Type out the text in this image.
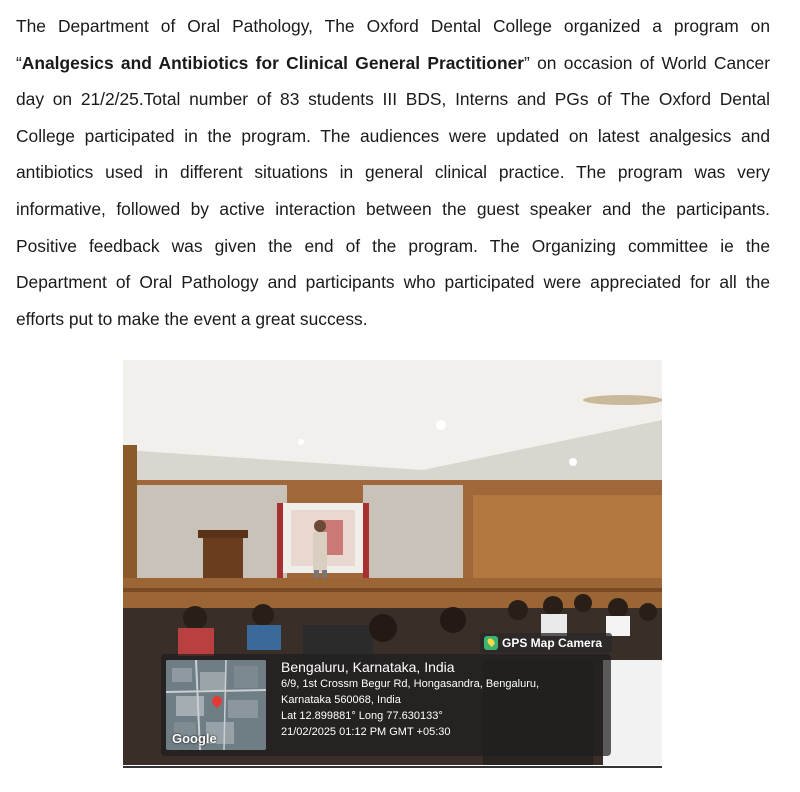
The Department of Oral Pathology, The Oxford Dental College organized a program on “Analgesics and Antibiotics for Clinical General Practitioner” on occasion of World Cancer day on 21/2/25.Total number of 83 students III BDS, Interns and PGs of The Oxford Dental College participated in the program. The audiences were updated on latest analgesics and antibiotics used in different situations in general clinical practice. The program was very informative, followed by active interaction between the guest speaker and the participants. Positive feedback was given the end of the program. The Organizing committee ie the Department of Oral Pathology and participants who participated were appreciated for all the efforts put to make the event a great success.

GPS Map Camera
Google
Bengaluru, Karnataka, India
6/9, 1st Crossm Begur Rd, Hongasandra, Bengaluru,
Karnataka 560068, India
Lat 12.899881° Long 77.630133°
21/02/2025 01:12 PM GMT +05:30
